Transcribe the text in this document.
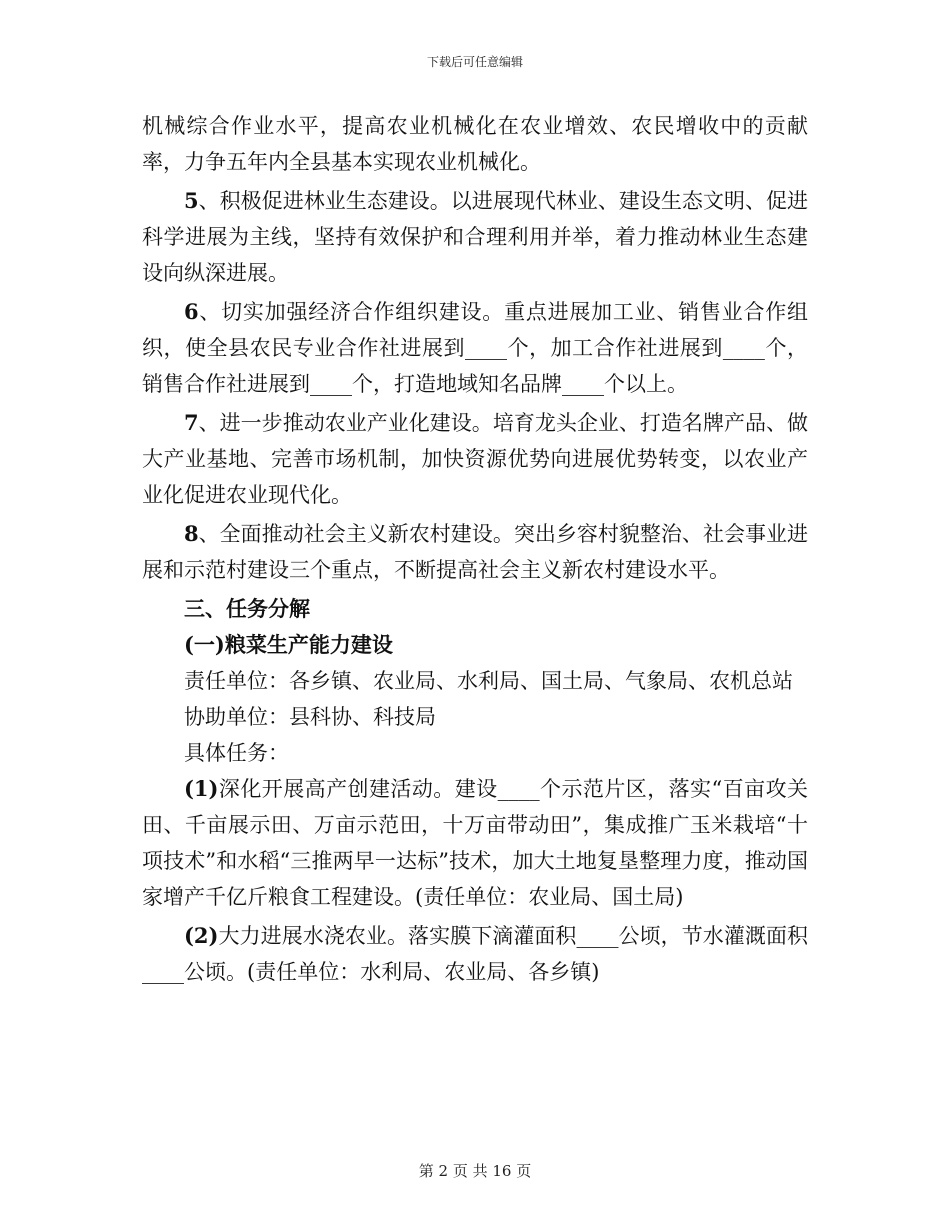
下载后可任意编辑

机械综合作业水平，提高农业机械化在农业增效、农民增收中的贡献率，力争五年内全县基本实现农业机械化。

5、积极促进林业生态建设。以进展现代林业、建设生态文明、促进科学进展为主线，坚持有效保护和合理利用并举，着力推动林业生态建设向纵深进展。

6、切实加强经济合作组织建设。重点进展加工业、销售业合作组织，使全县农民专业合作社进展到____个，加工合作社进展到____个，销售合作社进展到____个，打造地域知名品牌____个以上。

7、进一步推动农业产业化建设。培育龙头企业、打造名牌产品、做大产业基地、完善市场机制，加快资源优势向进展优势转变，以农业产业化促进农业现代化。

8、全面推动社会主义新农村建设。突出乡容村貌整治、社会事业进展和示范村建设三个重点，不断提高社会主义新农村建设水平。

三、任务分解

(一)粮菜生产能力建设

责任单位：各乡镇、农业局、水利局、国土局、气象局、农机总站

协助单位：县科协、科技局

具体任务：

(1)深化开展高产创建活动。建设____个示范片区，落实“百亩攻关田、千亩展示田、万亩示范田，十万亩带动田”，集成推广玉米栽培“十项技术”和水稻“三推两早一达标”技术，加大土地复垦整理力度，推动国家增产千亿斤粮食工程建设。(责任单位：农业局、国土局)

(2)大力进展水浇农业。落实膜下滴灌面积____公顷，节水灌溉面积____公顷。(责任单位：水利局、农业局、各乡镇)

第 2 页 共 16 页
